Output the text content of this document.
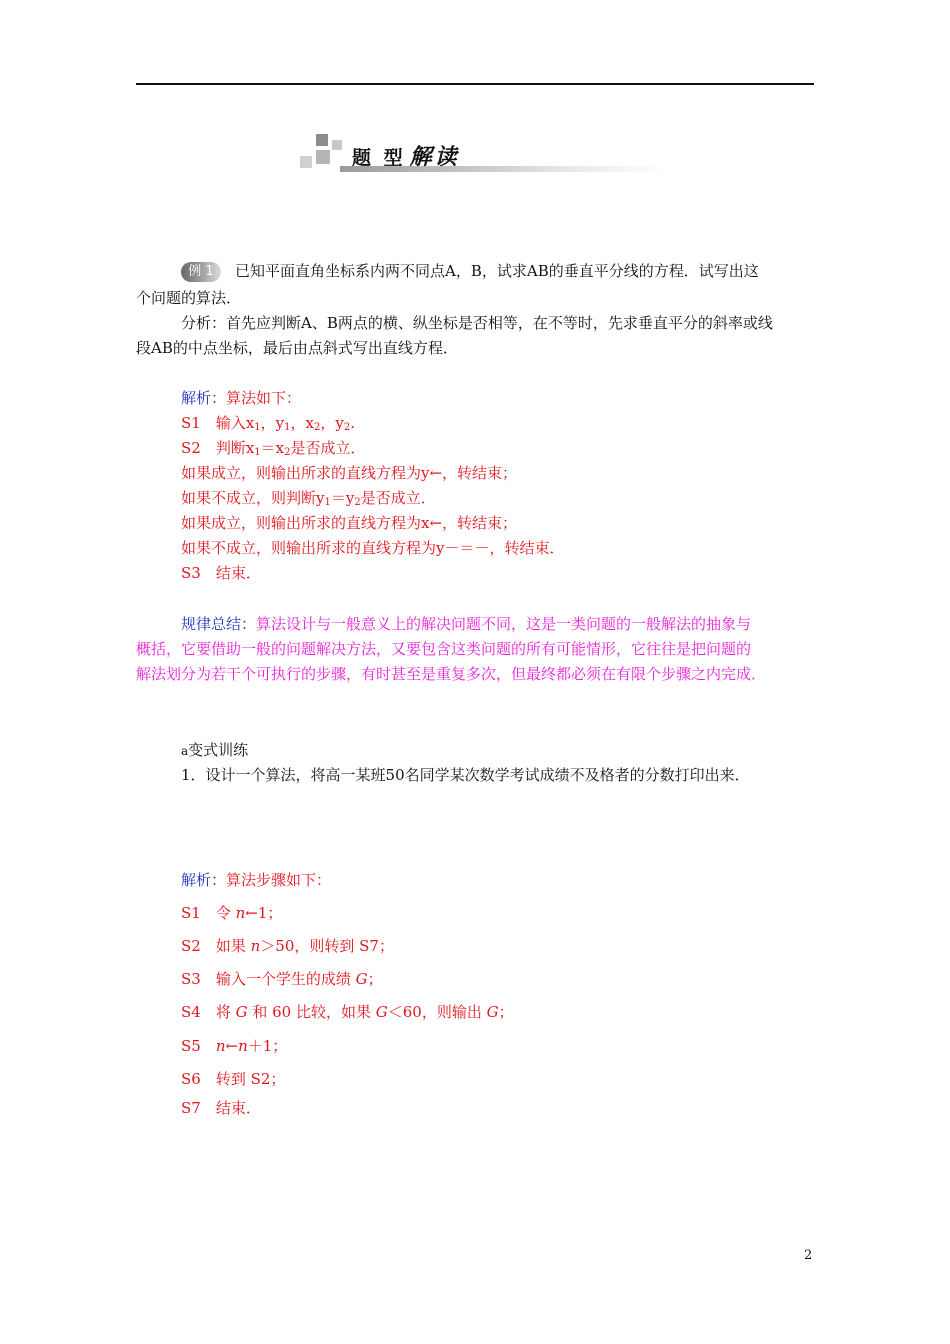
题 型 解读
例 1 已知平面直角坐标系内两不同点A，B，试求AB的垂直平分线的方程．试写出这
个问题的算法．
分析：首先应判断A、B两点的横、纵坐标是否相等，在不等时，先求垂直平分的斜率或线
段AB的中点坐标，最后由点斜式写出直线方程．
解析：算法如下：
S1　输入$x_1$，$y_1$，$x_2$，$y_2$.
S2　判断$x_1=x_2$是否成立．
如果成立，则输出所求的直线方程为y←，转结束；
如果不成立，则判断$y_1=y_2$是否成立．
如果成立，则输出所求的直线方程为x←，转结束；
如果不成立，则输出所求的直线方程为y－＝－，转结束．
S3　结束．
规律总结：算法设计与一般意义上的解决问题不同，这是一类问题的一般解法的抽象与
概括，它要借助一般的问题解决方法，又要包含这类问题的所有可能情形，它往往是把问题的
解法划分为若干个可执行的步骤，有时甚至是重复多次，但最终都必须在有限个步骤之内完成．
a变式训练
1．设计一个算法，将高一某班50名同学某次数学考试成绩不及格者的分数打印出来．
解析：算法步骤如下：
S1　令 n←1；
S2　如果 n＞50，则转到 S7；
S3　输入一个学生的成绩 G；
S4　将 G 和 60 比较，如果 G＜60，则输出 G；
S5　 n←n＋1；
S6　转到 S2；
S7　结束．
2
